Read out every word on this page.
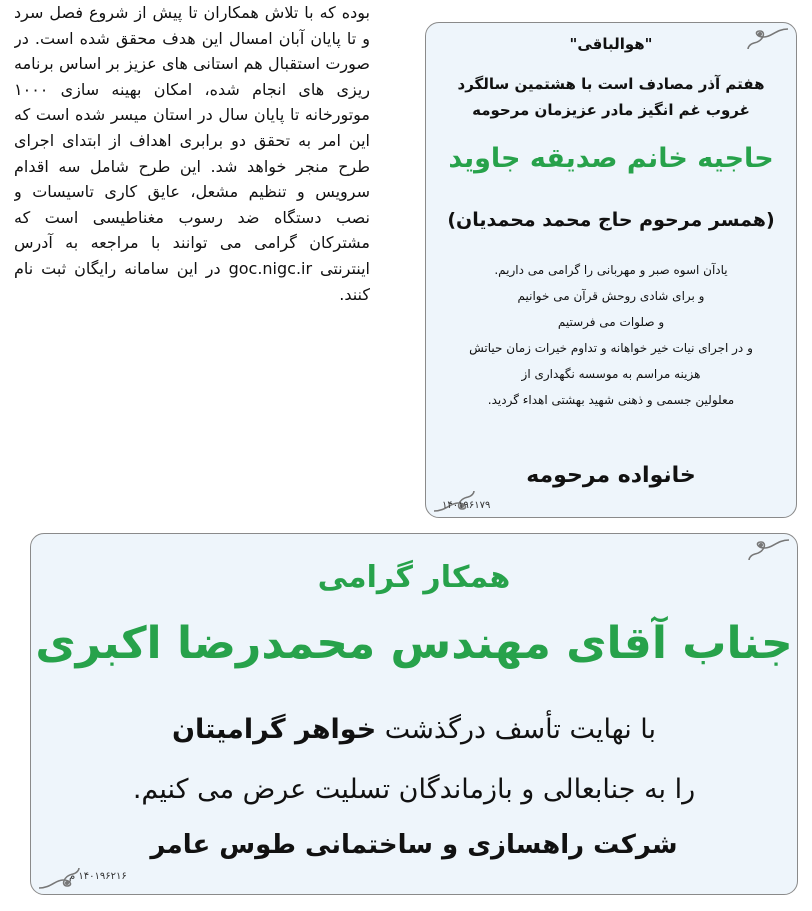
بوده که با تلاش همکاران تا پیش از شروع فصل سرد و تا پایان آبان امسال این هدف محقق شده است. در صورت استقبال هم استانی های عزیز بر اساس برنامه ریزی های انجام شده، امکان بهینه سازی ۱۰۰۰ موتورخانه تا پایان سال در استان میسر شده است که این امر به تحقق دو برابری اهداف از ابتدای اجرای طرح منجر خواهد شد. این طرح شامل سه اقدام سرویس و تنظیم مشعل، عایق کاری تاسیسات و نصب دستگاه ضد رسوب مغناطیسی است که مشترکان گرامی می توانند با مراجعه به آدرس اینترنتی goc.nigc.ir در این سامانه رایگان ثبت نام کنند.
"هوالباقی"
هفتم آذر مصادف است با هشتمین سالگرد
غروب غم انگیز مادر عزیزمان مرحومه
حاجیه خانم صدیقه جاوید
(همسر مرحوم حاج محمد محمدیان)
یادآن اسوه صبر و مهربانی را گرامی می داریم.
و برای شادی روحش قرآن می خوانیم
و صلوات می فرستیم
و در اجرای نیات خیر خواهانه و تداوم خیرات زمان حیاتش
هزینه مراسم به موسسه نگهداری از
معلولین جسمی و ذهنی شهید بهشتی اهداء گردید.
خانواده مرحومه
۱۴۰۱۹۶۱۷۹
همکار گرامی
جناب آقای مهندس محمدرضا اکبری
با نهایت تأسف درگذشت خواهر گرامیتان
را به جنابعالی و بازماندگان تسلیت عرض می کنیم.
شرکت راهسازی و ساختمانی طوس عامر
۱۴۰۱۹۶۲۱۶ م
